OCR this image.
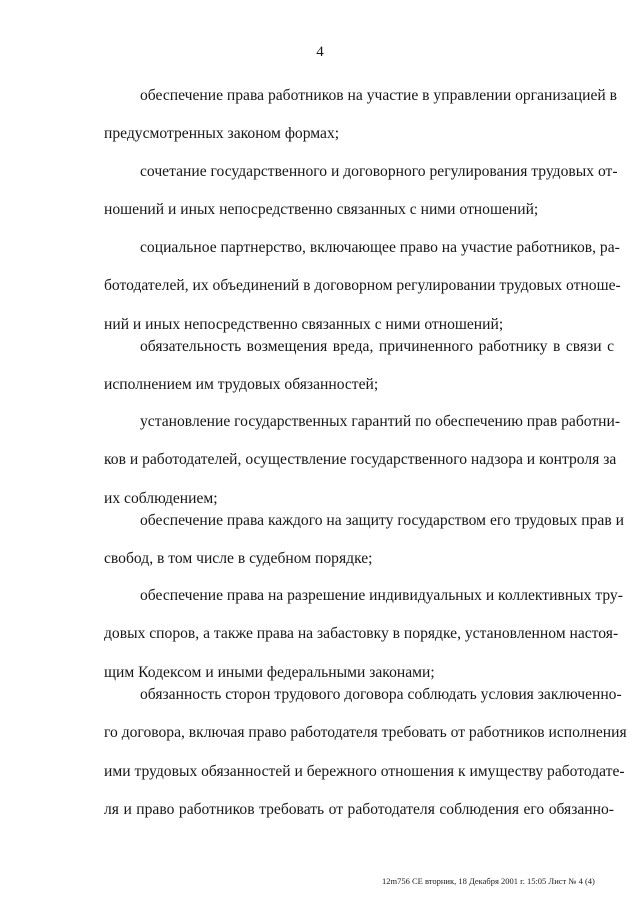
4
обеспечение права работников на участие в управлении организацией в
предусмотренных законом формах;
сочетание государственного и договорного регулирования трудовых от-
ношений и иных непосредственно связанных с ними отношений;
социальное партнерство, включающее право на участие работников, ра-
ботодателей, их объединений в договорном регулировании трудовых отноше-
ний и иных непосредственно связанных с ними отношений;
обязательность возмещения вреда, причиненного работнику в связи с
исполнением им трудовых обязанностей;
установление государственных гарантий по обеспечению прав работни-
ков и работодателей, осуществление государственного надзора и контроля за
их соблюдением;
обеспечение права каждого на защиту государством его трудовых прав и
свобод, в том числе в судебном порядке;
обеспечение права на разрешение индивидуальных и коллективных тру-
довых споров, а также права на забастовку в порядке, установленном настоя-
щим Кодексом и иными федеральными законами;
обязанность сторон трудового договора соблюдать условия заключенно-
го договора, включая право работодателя требовать от работников исполнения
ими трудовых обязанностей и бережного отношения к имуществу работодате-
ля и право работников требовать от работодателя соблюдения его обязанно-
12m756 СЕ вторник, 18 Декабря 2001 г. 15:05 Лист № 4 (4)
